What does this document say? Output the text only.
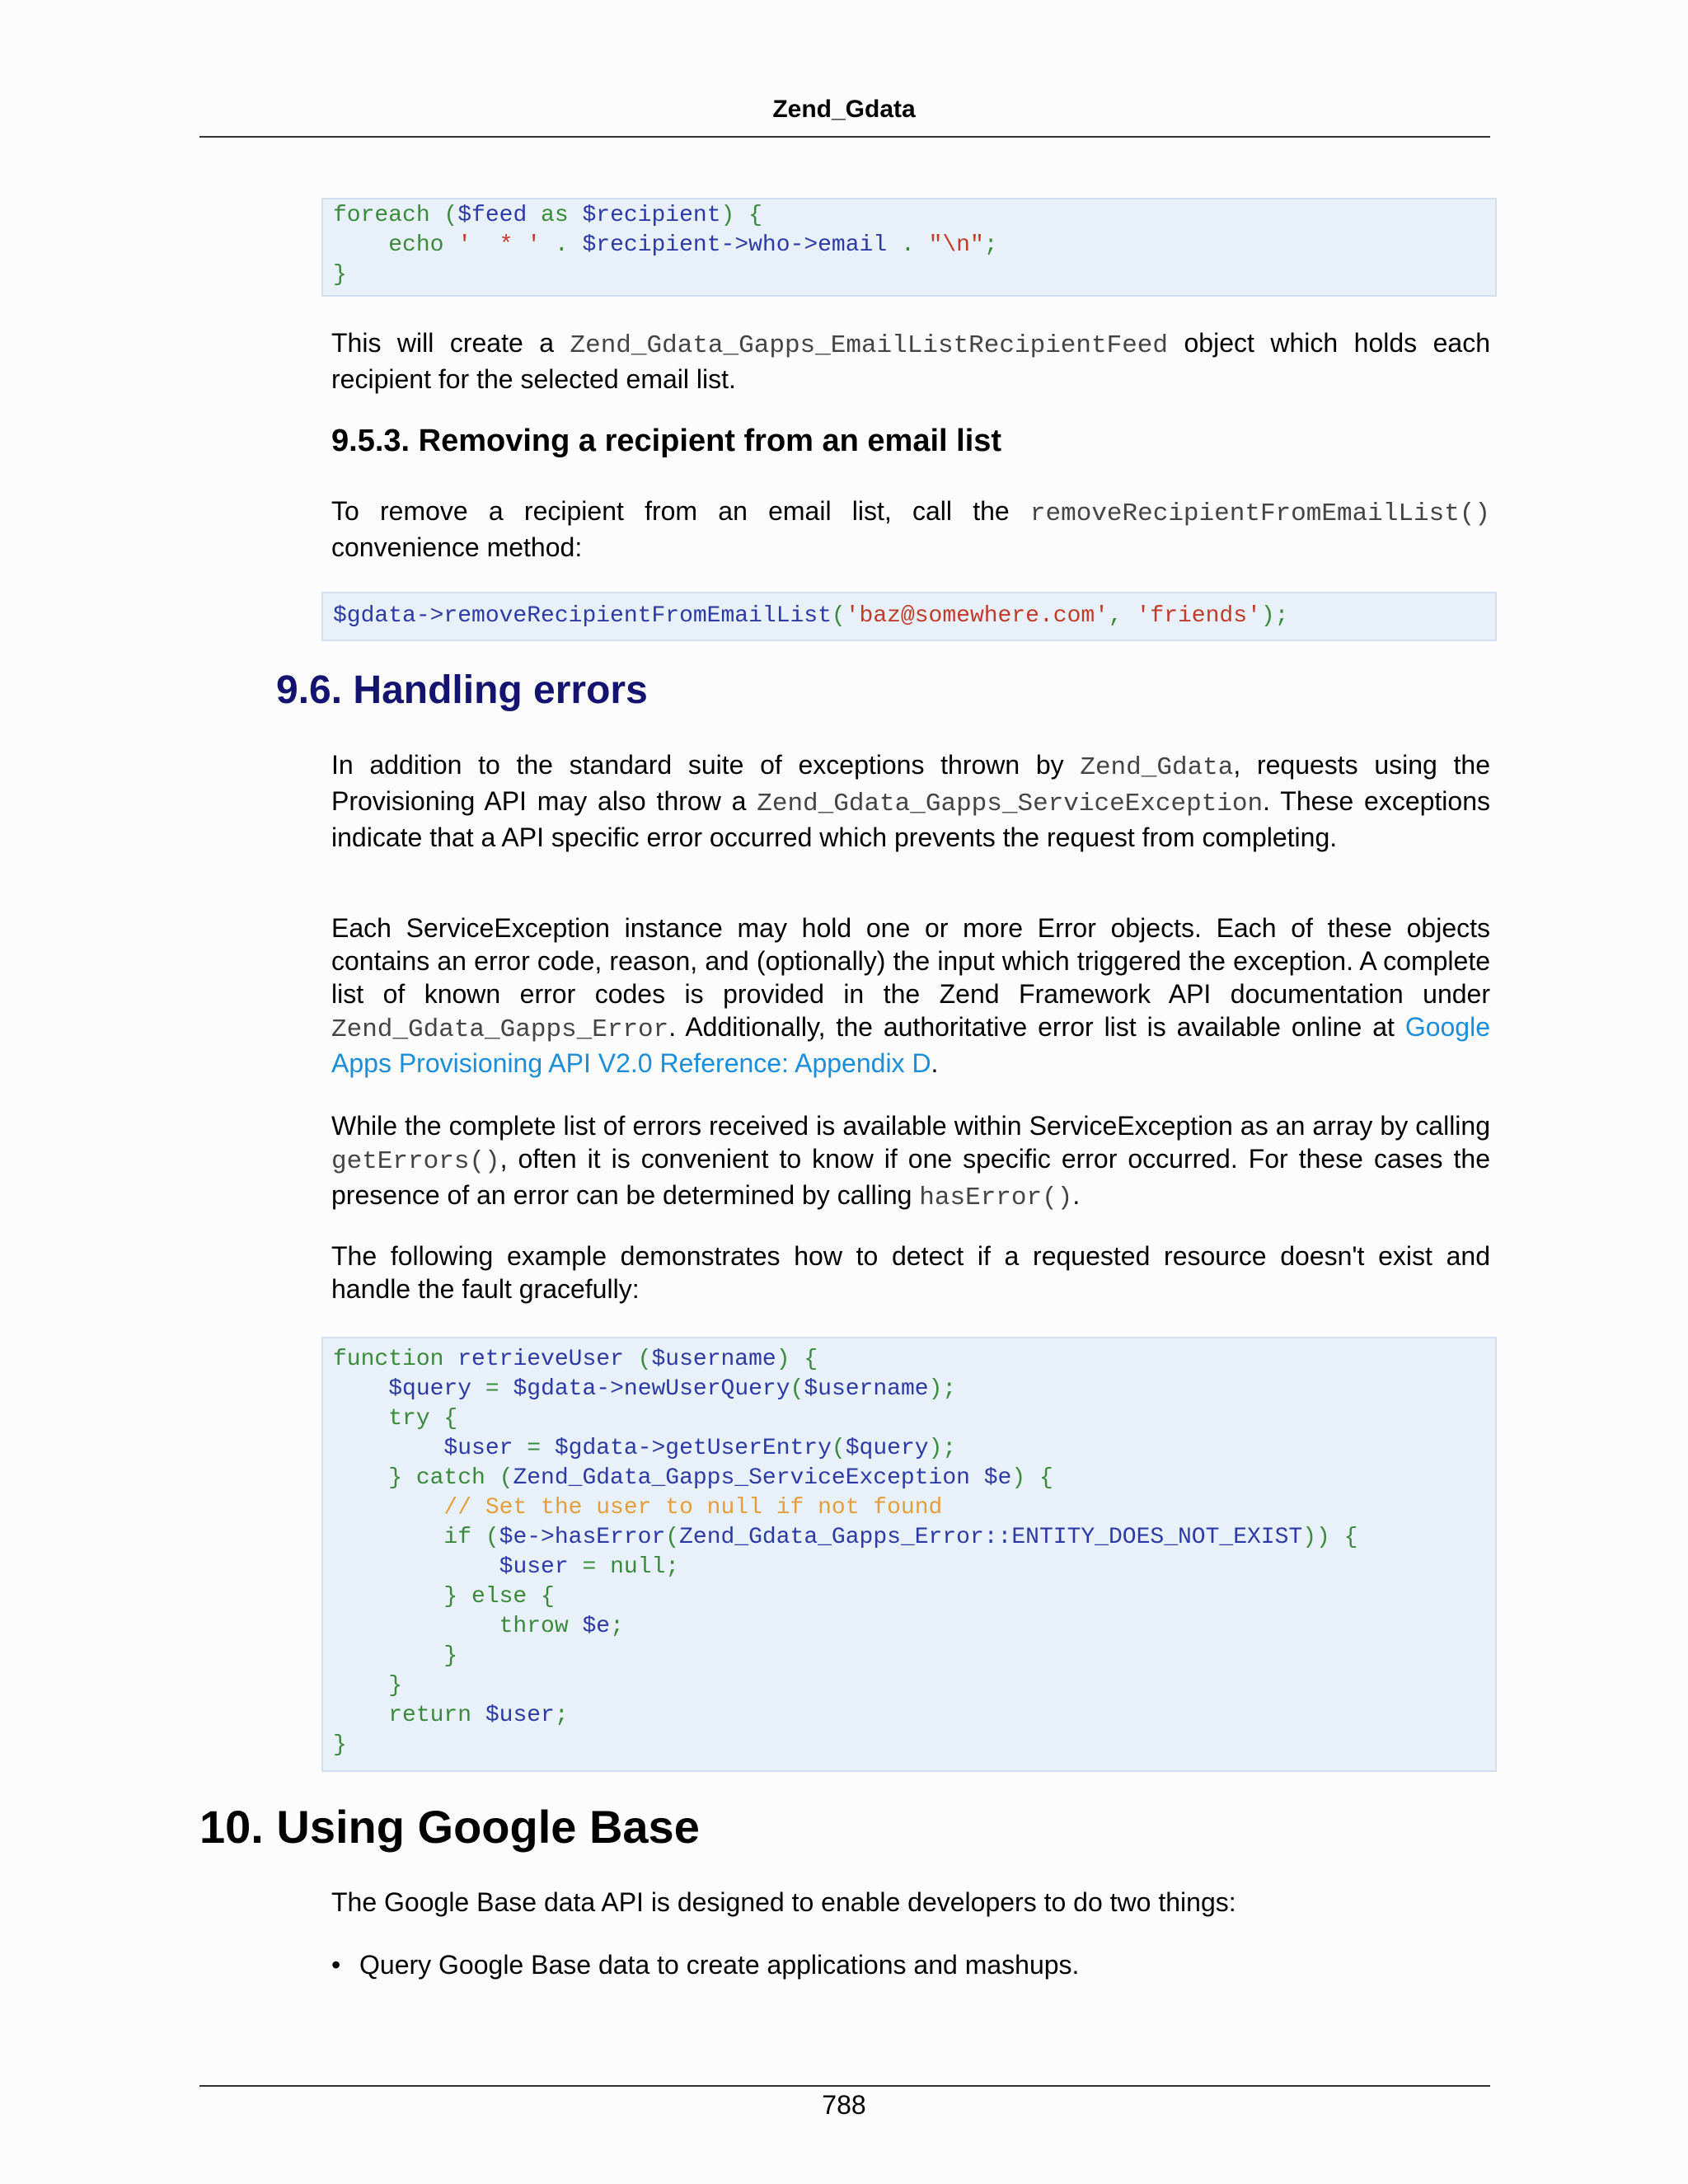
Zend_Gdata
foreach ($feed as $recipient) {
echo '  * ' . $recipient->who->email . "\n";
}
This will create a Zend_Gdata_Gapps_EmailListRecipientFeed object which holds each recipient for the selected email list.
9.5.3. Removing a recipient from an email list
To remove a recipient from an email list, call the removeRecipientFromEmailList() convenience method:
$gdata->removeRecipientFromEmailList('baz@somewhere.com', 'friends');
9.6. Handling errors
In addition to the standard suite of exceptions thrown by Zend_Gdata, requests using the Provisioning API may also throw a Zend_Gdata_Gapps_ServiceException. These exceptions indicate that a API specific error occurred which prevents the request from completing.
Each ServiceException instance may hold one or more Error objects. Each of these objects contains an error code, reason, and (optionally) the input which triggered the exception. A complete list of known error codes is provided in the Zend Framework API documentation under Zend_Gdata_Gapps_Error. Additionally, the authoritative error list is available online at Google Apps Provisioning API V2.0 Reference: Appendix D.
While the complete list of errors received is available within ServiceException as an array by calling getErrors(), often it is convenient to know if one specific error occurred. For these cases the presence of an error can be determined by calling hasError().
The following example demonstrates how to detect if a requested resource doesn't exist and handle the fault gracefully:
function retrieveUser ($username) {
$query = $gdata->newUserQuery($username);
try {
$user = $gdata->getUserEntry($query);
} catch (Zend_Gdata_Gapps_ServiceException $e) {
// Set the user to null if not found
if ($e->hasError(Zend_Gdata_Gapps_Error::ENTITY_DOES_NOT_EXIST)) {
$user = null;
} else {
throw $e;
}
}
return $user;
}
10. Using Google Base
The Google Base data API is designed to enable developers to do two things:
• Query Google Base data to create applications and mashups.
788
